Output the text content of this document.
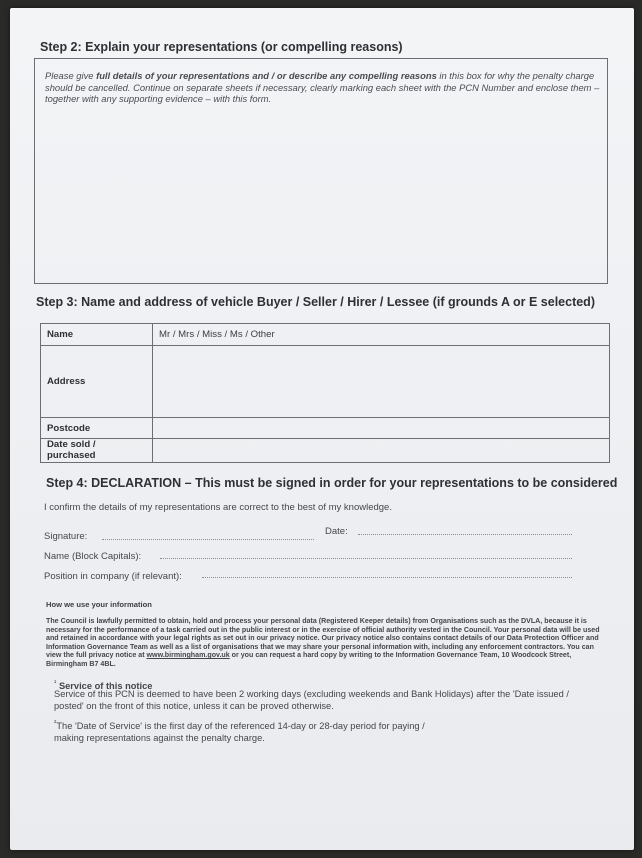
Step 2: Explain your representations (or compelling reasons)
Please give full details of your representations and / or describe any compelling reasons in this box for why the penalty charge should be cancelled. Continue on separate sheets if necessary, clearly marking each sheet with the PCN Number and enclose them – together with any supporting evidence – with this form.
Step 3: Name and address of vehicle Buyer / Seller / Hirer / Lessee (if grounds A or E selected)
Name	Mr / Mrs / Miss / Ms / Other
Address	
Postcode	
Date sold / purchased	
Step 4: DECLARATION – This must be signed in order for your representations to be considered
I confirm the details of my representations are correct to the best of my knowledge.
Signature:	Date:
Name (Block Capitals):
Position in company (if relevant):
How we use your information
The Council is lawfully permitted to obtain, hold and process your personal data (Registered Keeper details) from Organisations such as the DVLA, because it is necessary for the performance of a task carried out in the public interest or in the exercise of official authority vested in the Council. Your personal data will be used and retained in accordance with your legal rights as set out in our privacy notice. Our privacy notice also contains contact details of our Data Protection Officer and Information Governance Team as well as a list of organisations that we may share your personal information with, including any enforcement contractors. You can view the full privacy notice at www.birmingham.gov.uk or you can request a hard copy by writing to the Information Governance Team, 10 Woodcock Street, Birmingham B7 4BL.
$^{^1}$ Service of this notice
Service of this PCN is deemed to have been 2 working days (excluding weekends and Bank Holidays) after the 'Date issued / posted' on the front of this notice, unless it can be proved otherwise.
$^{^2}$The 'Date of Service' is the first day of the referenced 14-day or 28-day period for paying / making representations against the penalty charge.
